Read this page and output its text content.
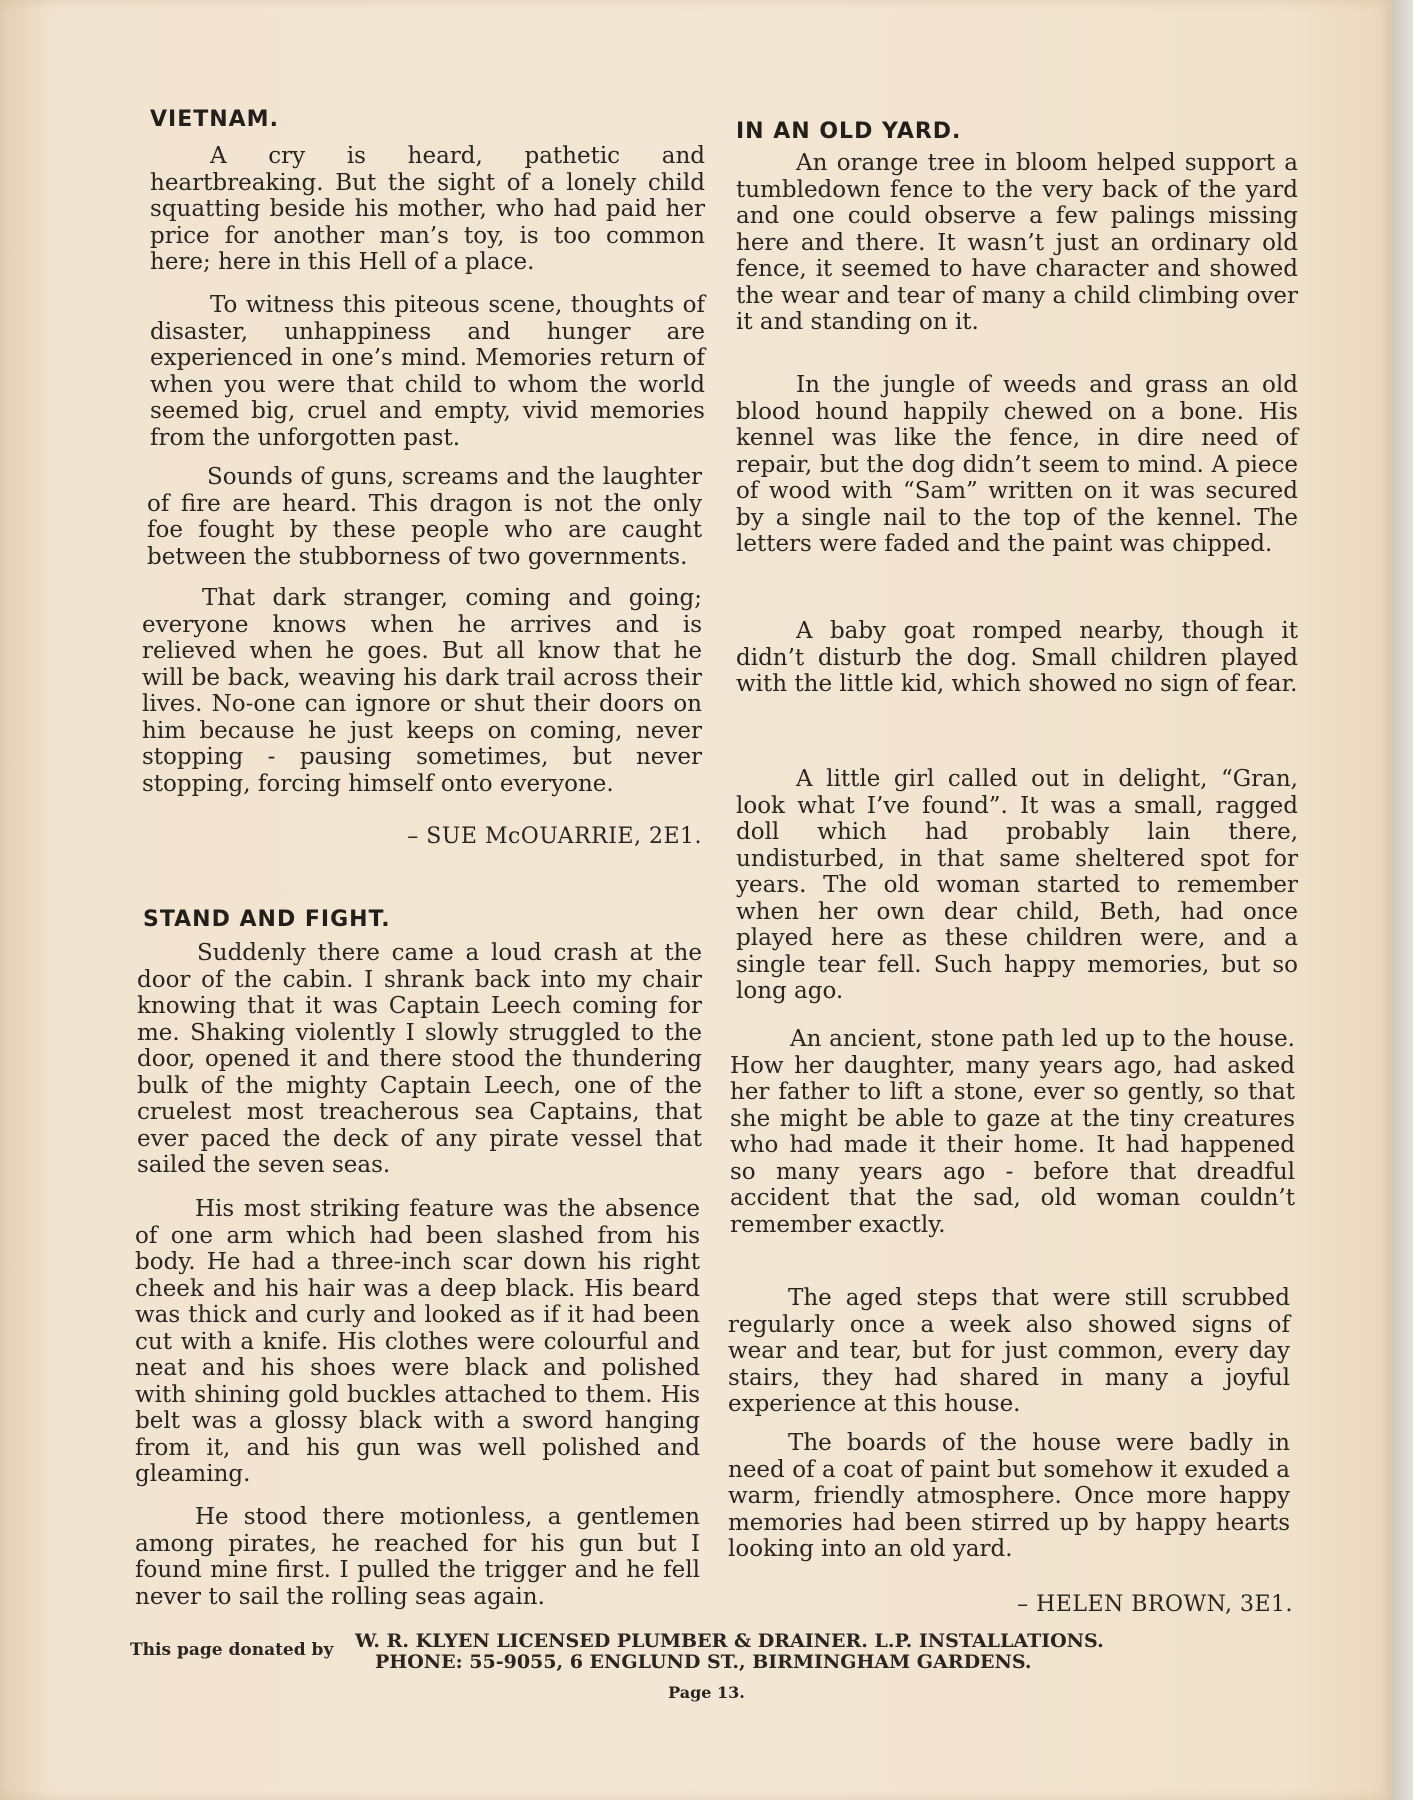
VIETNAM.

A cry is heard, pathetic and heartbreaking. But the sight of a lonely child squatting beside his mother, who had paid her price for another man’s toy, is too common here; here in this Hell of a place.

To witness this piteous scene, thoughts of disaster, unhappiness and hunger are experienced in one’s mind. Memories return of when you were that child to whom the world seemed big, cruel and empty, vivid memories from the unforgotten past.

Sounds of guns, screams and the laughter of fire are heard. This dragon is not the only foe fought by these people who are caught between the stubborness of two governments.

That dark stranger, coming and going; everyone knows when he arrives and is relieved when he goes. But all know that he will be back, weaving his dark trail across their lives. No-one can ignore or shut their doors on him because he just keeps on coming, never stopping - pausing sometimes, but never stopping, forcing himself onto everyone.

– SUE McOUARRIE, 2E1.
STAND AND FIGHT.

Suddenly there came a loud crash at the door of the cabin. I shrank back into my chair knowing that it was Captain Leech coming for me. Shaking violently I slowly struggled to the door, opened it and there stood the thundering bulk of the mighty Captain Leech, one of the cruelest most treacherous sea Captains, that ever paced the deck of any pirate vessel that sailed the seven seas.

His most striking feature was the absence of one arm which had been slashed from his body. He had a three-inch scar down his right cheek and his hair was a deep black. His beard was thick and curly and looked as if it had been cut with a knife. His clothes were colourful and neat and his shoes were black and polished with shining gold buckles attached to them. His belt was a glossy black with a sword hanging from it, and his gun was well polished and gleaming.

He stood there motionless, a gentlemen among pirates, he reached for his gun but I found mine first. I pulled the trigger and he fell never to sail the rolling seas again.

IN AN OLD YARD.

An orange tree in bloom helped support a tumbledown fence to the very back of the yard and one could observe a few palings missing here and there. It wasn’t just an ordinary old fence, it seemed to have character and showed the wear and tear of many a child climbing over it and standing on it.

In the jungle of weeds and grass an old blood hound happily chewed on a bone. His kennel was like the fence, in dire need of repair, but the dog didn’t seem to mind. A piece of wood with “Sam” written on it was secured by a single nail to the top of the kennel. The letters were faded and the paint was chipped.

A baby goat romped nearby, though it didn’t disturb the dog. Small children played with the little kid, which showed no sign of fear.

A little girl called out in delight, “Gran, look what I’ve found”. It was a small, ragged doll which had probably lain there, undisturbed, in that same sheltered spot for years. The old woman started to remember when her own dear child, Beth, had once played here as these children were, and a single tear fell. Such happy memories, but so long ago.

An ancient, stone path led up to the house. How her daughter, many years ago, had asked her father to lift a stone, ever so gently, so that she might be able to gaze at the tiny creatures who had made it their home. It had happened so many years ago - before that dreadful accident that the sad, old woman couldn’t remember exactly.

The aged steps that were still scrubbed regularly once a week also showed signs of wear and tear, but for just common, every day stairs, they had shared in many a joyful experience at this house.

The boards of the house were badly in need of a coat of paint but somehow it exuded a warm, friendly atmosphere. Once more happy memories had been stirred up by happy hearts looking into an old yard.

– HELEN BROWN, 3E1.
This page donated by W. R. KLYEN LICENSED PLUMBER & DRAINER. L.P. INSTALLATIONS.
PHONE: 55-9055, 6 ENGLUND ST., BIRMINGHAM GARDENS.
Page 13.
